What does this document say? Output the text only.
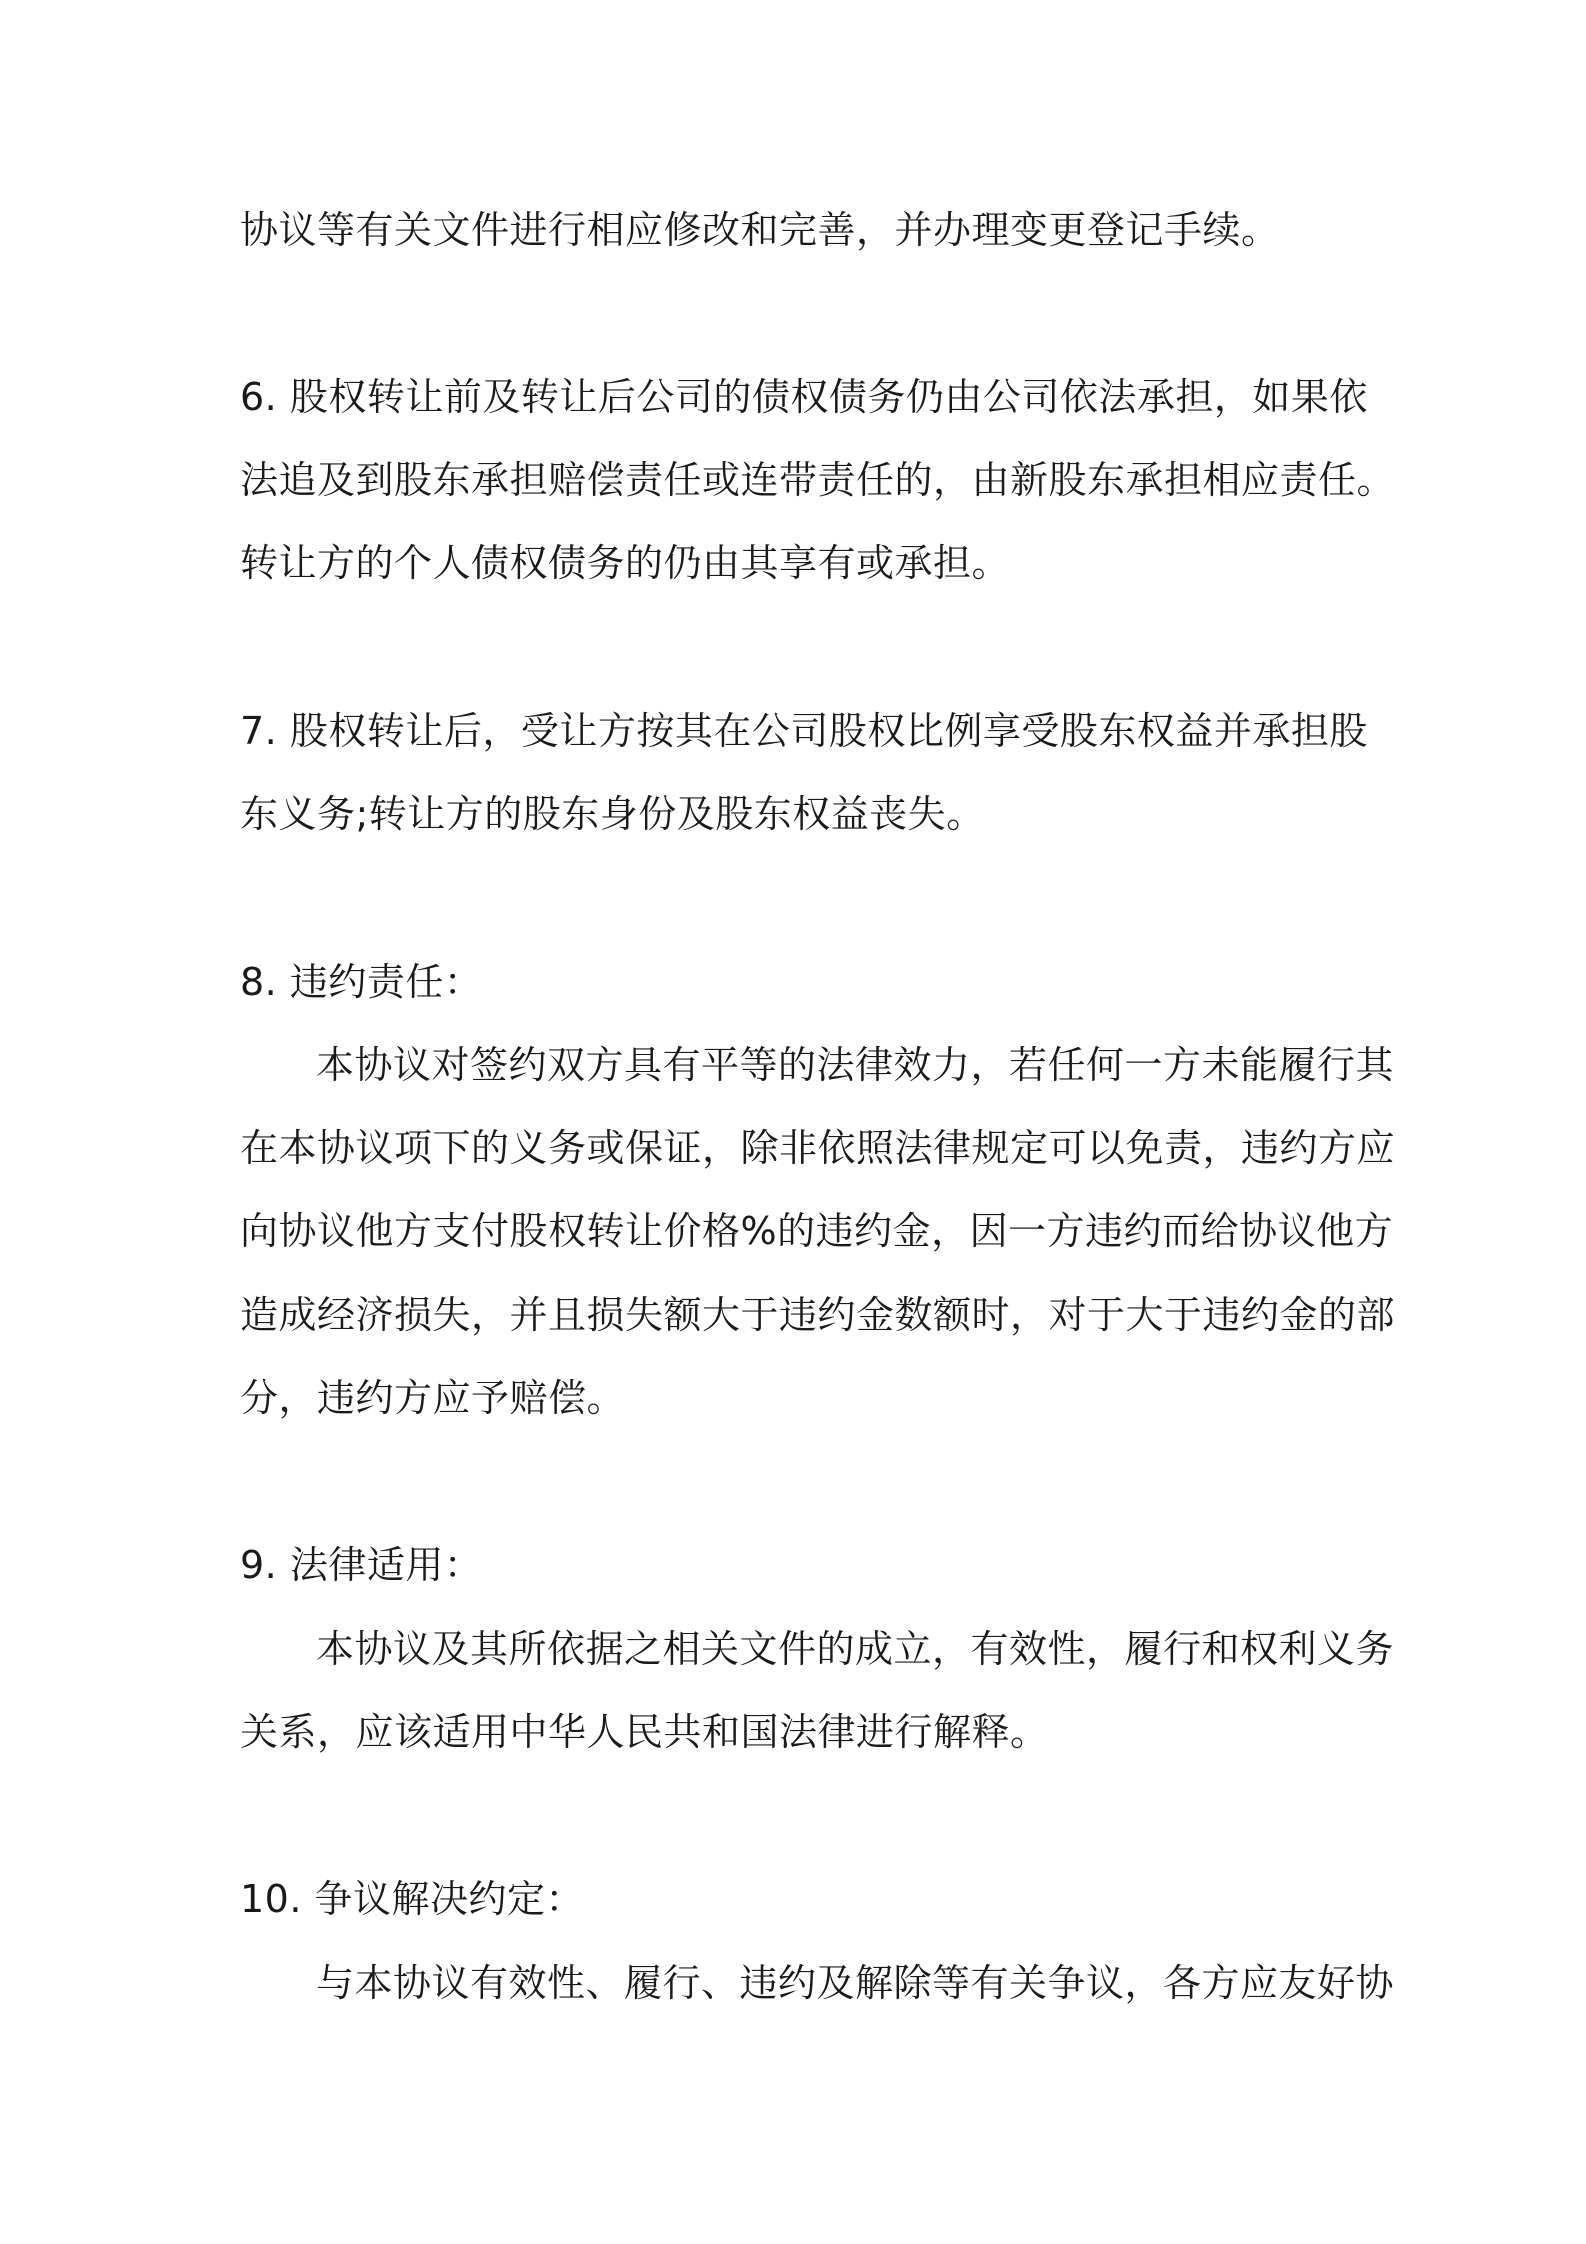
协议等有关文件进行相应修改和完善，并办理变更登记手续。
6. 股权转让前及转让后公司的债权债务仍由公司依法承担，如果依
法追及到股东承担赔偿责任或连带责任的，由新股东承担相应责任。
转让方的个人债权债务的仍由其享有或承担。
7. 股权转让后，受让方按其在公司股权比例享受股东权益并承担股
东义务;转让方的股东身份及股东权益丧失。
8. 违约责任：
本协议对签约双方具有平等的法律效力，若任何一方未能履行其
在本协议项下的义务或保证，除非依照法律规定可以免责，违约方应
向协议他方支付股权转让价格%的违约金，因一方违约而给协议他方
造成经济损失，并且损失额大于违约金数额时，对于大于违约金的部
分，违约方应予赔偿。
9. 法律适用：
本协议及其所依据之相关文件的成立，有效性，履行和权利义务
关系，应该适用中华人民共和国法律进行解释。
10. 争议解决约定：
与本协议有效性、履行、违约及解除等有关争议，各方应友好协
